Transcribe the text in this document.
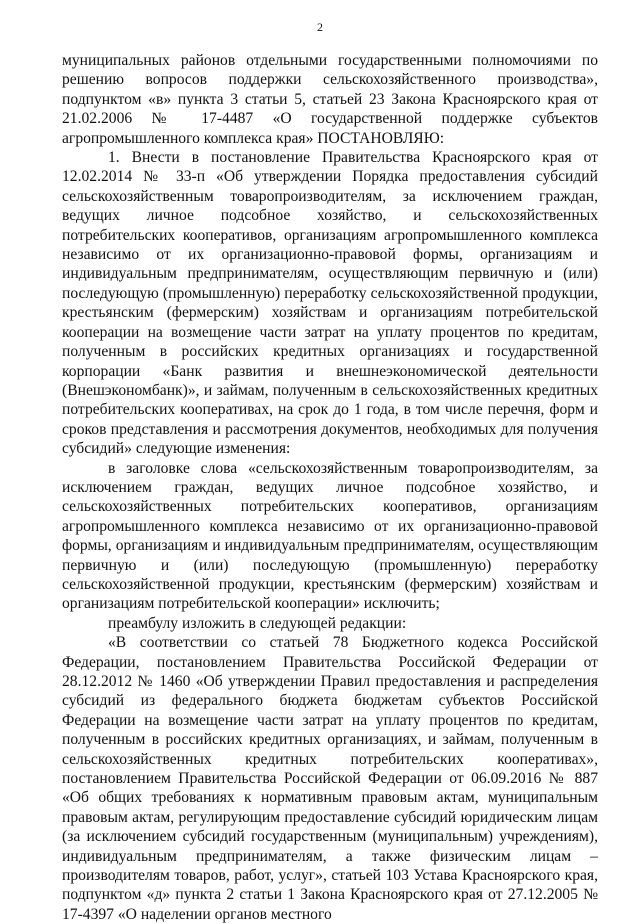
2

муниципальных районов отдельными государственными полномочиями по решению вопросов поддержки сельскохозяйственного производства», подпунктом «в» пункта 3 статьи 5, статьей 23 Закона Красноярского края от 21.02.2006 № 17-4487 «О государственной поддержке субъектов агропромышленного комплекса края» ПОСТАНОВЛЯЮ:

1. Внести в постановление Правительства Красноярского края от 12.02.2014 № 33-п «Об утверждении Порядка предоставления субсидий сельскохозяйственным товаропроизводителям, за исключением граждан, ведущих личное подсобное хозяйство, и сельскохозяйственных потребительских кооперативов, организациям агропромышленного комплекса независимо от их организационно-правовой формы, организациям и индивидуальным предпринимателям, осуществляющим первичную и (или) последующую (промышленную) переработку сельскохозяйственной продукции, крестьянским (фермерским) хозяйствам и организациям потребительской кооперации на возмещение части затрат на уплату процентов по кредитам, полученным в российских кредитных организациях и государственной корпорации «Банк развития и внешнеэкономической деятельности (Внешэкономбанк)», и займам, полученным в сельскохозяйственных кредитных потребительских кооперативах, на срок до 1 года, в том числе перечня, форм и сроков представления и рассмотрения документов, необходимых для получения субсидий» следующие изменения:

в заголовке слова «сельскохозяйственным товаропроизводителям, за исключением граждан, ведущих личное подсобное хозяйство, и сельскохозяйственных потребительских кооперативов, организациям агропромышленного комплекса независимо от их организационно-правовой формы, организациям и индивидуальным предпринимателям, осуществляющим первичную и (или) последующую (промышленную) переработку сельскохозяйственной продукции, крестьянским (фермерским) хозяйствам и организациям потребительской кооперации» исключить;

преамбулу изложить в следующей редакции:

«В соответствии со статьей 78 Бюджетного кодекса Российской Федерации, постановлением Правительства Российской Федерации от 28.12.2012 № 1460 «Об утверждении Правил предоставления и распределения субсидий из федерального бюджета бюджетам субъектов Российской Федерации на возмещение части затрат на уплату процентов по кредитам, полученным в российских кредитных организациях, и займам, полученным в сельскохозяйственных кредитных потребительских кооперативах», постановлением Правительства Российской Федерации от 06.09.2016 № 887 «Об общих требованиях к нормативным правовым актам, муниципальным правовым актам, регулирующим предоставление субсидий юридическим лицам (за исключением субсидий государственным (муниципальным) учреждениям), индивидуальным предпринимателям, а также физическим лицам – производителям товаров, работ, услуг», статьей 103 Устава Красноярского края, подпунктом «д» пункта 2 статьи 1 Закона Красноярского края от 27.12.2005 № 17-4397 «О наделении органов местного
